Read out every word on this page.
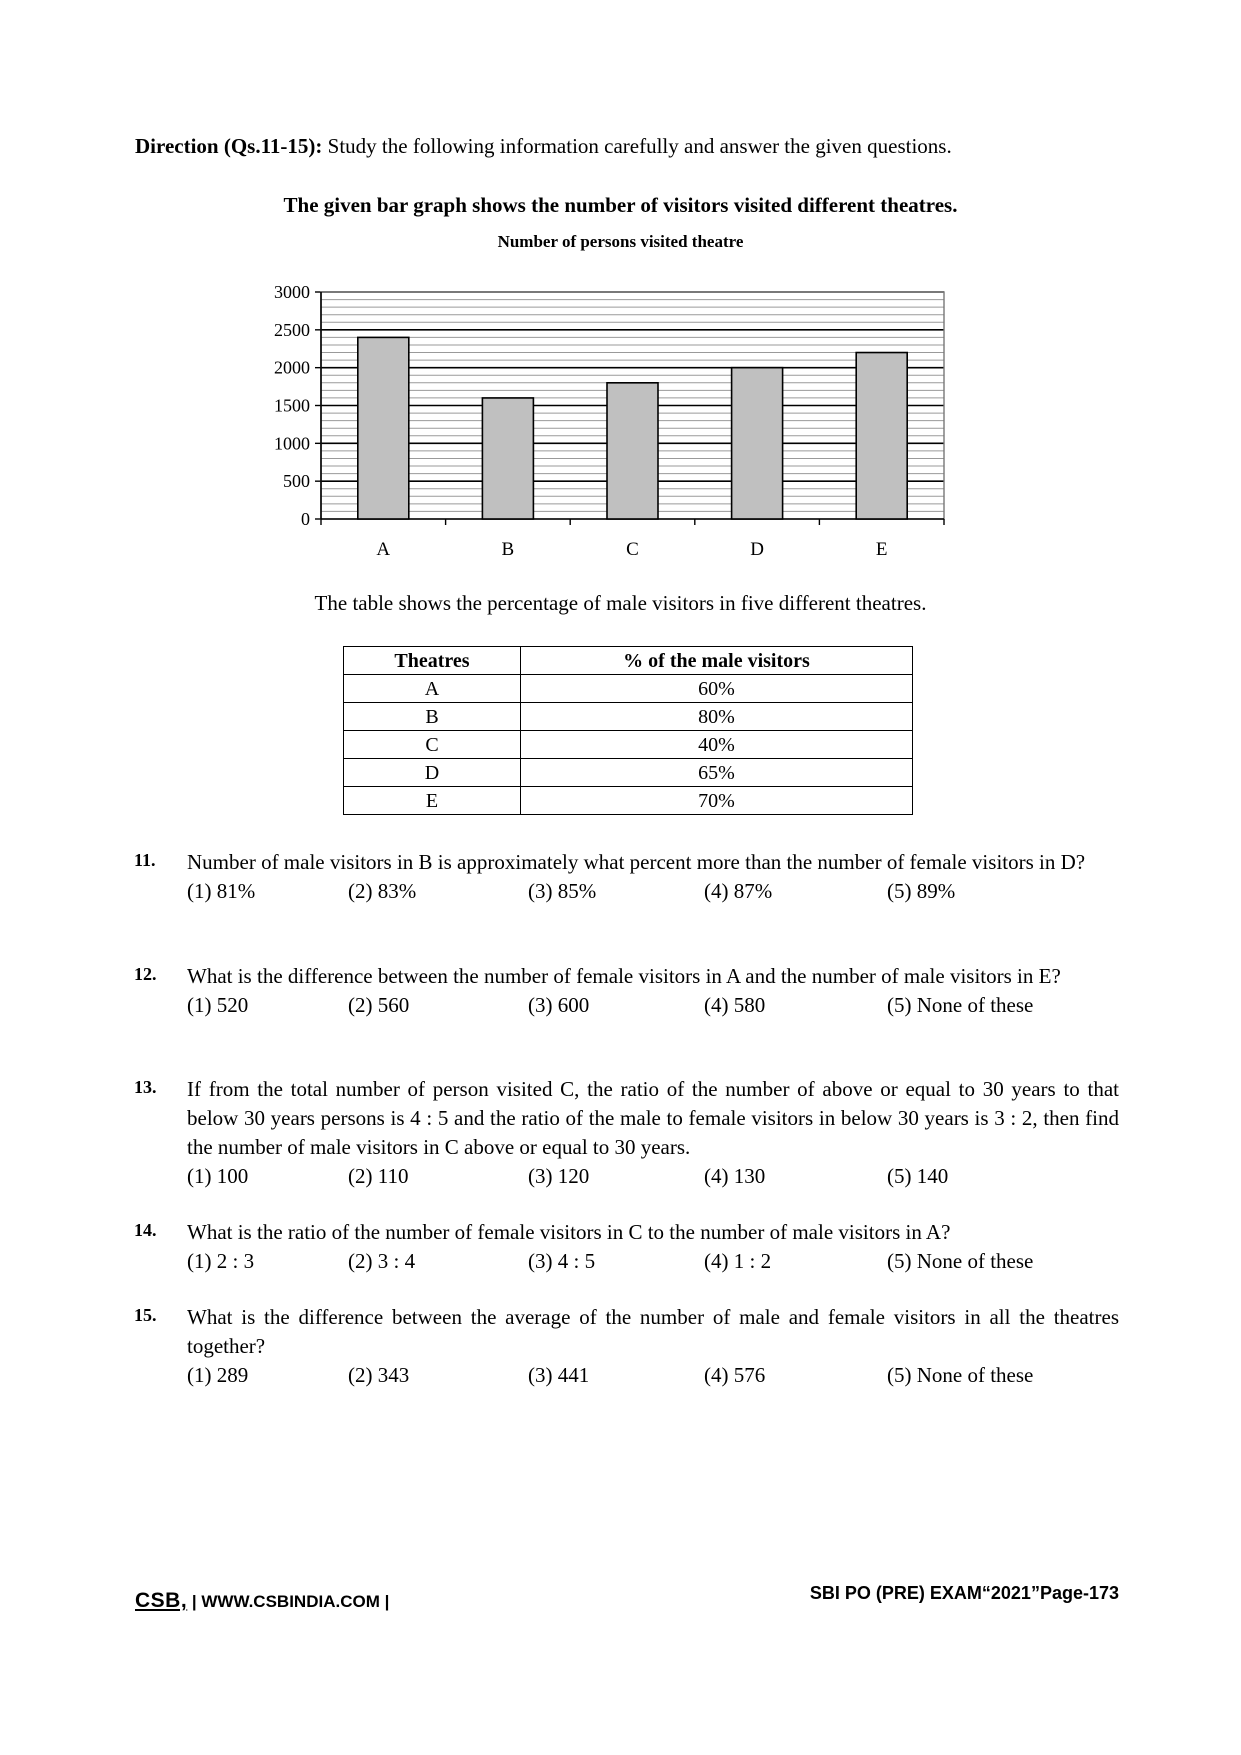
Direction (Qs.11-15): Study the following information carefully and answer the given questions.
The given bar graph shows the number of visitors visited different theatres.
Number of persons visited theatre
0
500
1000
1500
2000
2500
3000
A	B	C	D	E
The table shows the percentage of male visitors in five different theatres.
Theatres	% of the male visitors
A	60%
B	80%
C	40%
D	65%
E	70%
11. Number of male visitors in B is approximately what percent more than the number of female visitors in D?
(1) 81%	(2) 83%	(3) 85%	(4) 87%	(5) 89%
12. What is the difference between the number of female visitors in A and the number of male visitors in E?
(1) 520	(2) 560	(3) 600	(4) 580	(5) None of these
13. If from the total number of person visited C, the ratio of the number of above or equal to 30 years to that below 30 years persons is 4 : 5 and the ratio of the male to female visitors in below 30 years is 3 : 2, then find the number of male visitors in C above or equal to 30 years.
(1) 100	(2) 110	(3) 120	(4) 130	(5) 140
14. What is the ratio of the number of female visitors in C to the number of male visitors in A?
(1) 2 : 3	(2) 3 : 4	(3) 4 : 5	(4) 1 : 2	(5) None of these
15. What is the difference between the average of the number of male and female visitors in all the theatres together?
(1) 289	(2) 343	(3) 441	(4) 576	(5) None of these
CSB, | WWW.CSBINDIA.COM |	SBI PO (PRE) EXAM“2021”Page-173
